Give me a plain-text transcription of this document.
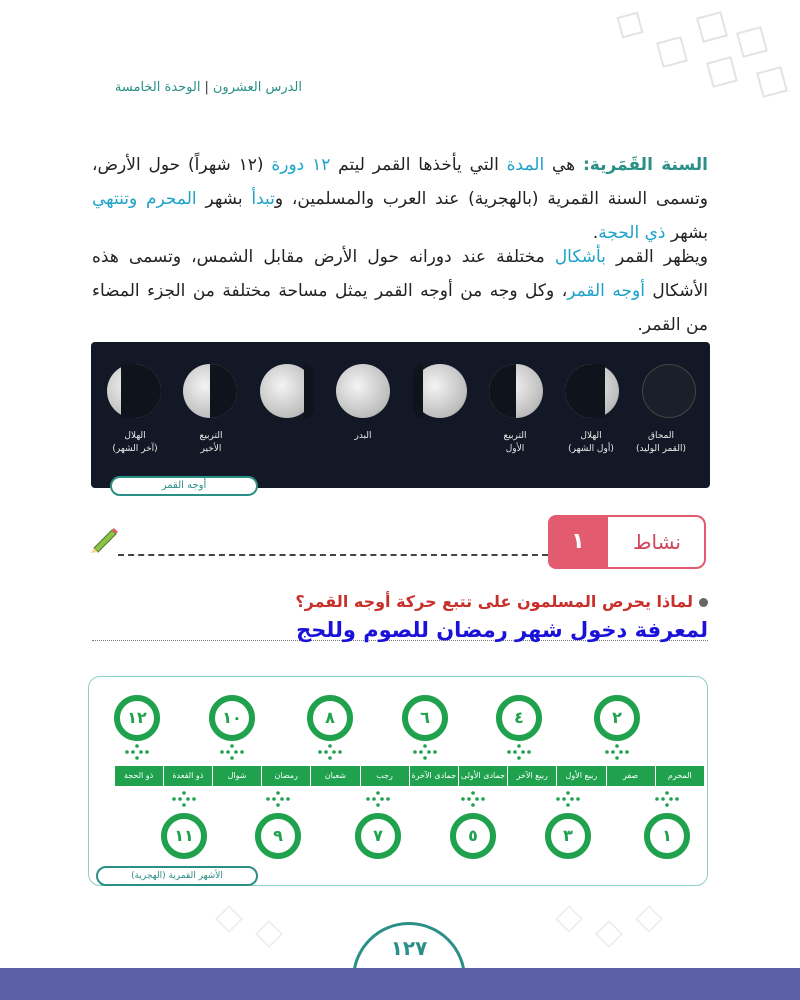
الدرس العشرون|الوحدة الخامسة
السنة القَمَرية: هي المدة التي يأخذها القمر ليتم ١٢ دورة (١٢ شهراً) حول الأرض، وتسمى السنة القمرية (بالهجرية) عند العرب والمسلمين، وتبدأ بشهر المحرم وتنتهي بشهر ذي الحجة.
ويظهر القمر بأشكال مختلفة عند دورانه حول الأرض مقابل الشمس، وتسمى هذه الأشكال أوجه القمر، وكل وجه من أوجه القمر يمثل مساحة مختلفة من الجزء المضاء من القمر.
المحاق
(القمر الوليد)
الهلال
(أول الشهر)
التربيع
الأول
البدر
التربيع
الأخير
الهلال
(آخر الشهر)
أوجه القمر
١	نشاط
لماذا يحرص المسلمون على تتبع حركة أوجه القمر؟
لمعرفة دخول شهر رمضان للصوم وللحج
المحرم
صفر
ربيع الأول
ربيع الآخر
جمادى الأولى
جمادى الآخرة
رجب
شعبان
رمضان
شوال
ذو القعدة
ذو الحجة
٢
٤
٦
٨
١٠
١٢
١
٣
٥
٧
٩
١١
الأشهر القمرية (الهجرية)
١٢٧
